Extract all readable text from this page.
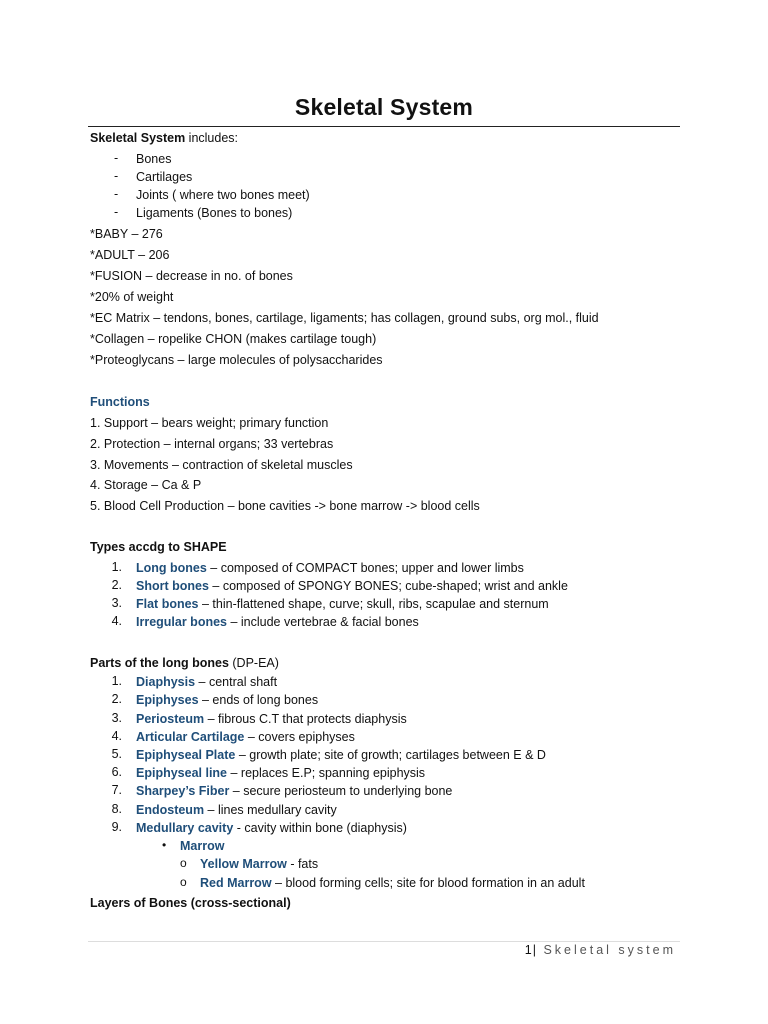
Skeletal System
Skeletal System includes:
- Bones
- Cartilages
- Joints ( where two bones meet)
- Ligaments (Bones to bones)
*BABY – 276
*ADULT – 206
*FUSION – decrease in no. of bones
*20% of weight
*EC Matrix – tendons, bones, cartilage, ligaments; has collagen, ground subs, org mol., fluid
*Collagen – ropelike CHON (makes cartilage tough)
*Proteoglycans – large molecules of polysaccharides
Functions
1. Support – bears weight; primary function
2. Protection – internal organs; 33 vertebras
3. Movements – contraction of skeletal muscles
4. Storage – Ca & P
5. Blood Cell Production – bone cavities -> bone marrow -> blood cells
Types accdg to SHAPE
1. Long bones – composed of COMPACT bones; upper and lower limbs
2. Short bones – composed of SPONGY BONES; cube-shaped; wrist and ankle
3. Flat bones – thin-flattened shape, curve; skull, ribs, scapulae and sternum
4. Irregular bones – include vertebrae & facial bones
Parts of the long bones (DP-EA)
1. Diaphysis – central shaft
2. Epiphyses – ends of long bones
3. Periosteum – fibrous C.T that protects diaphysis
4. Articular Cartilage – covers epiphyses
5. Epiphyseal Plate – growth plate; site of growth; cartilages between E & D
6. Epiphyseal line – replaces E.P; spanning epiphysis
7. Sharpey’s Fiber – secure periosteum to underlying bone
8. Endosteum – lines medullary cavity
9. Medullary cavity - cavity within bone (diaphysis)
• Marrow
o Yellow Marrow - fats
o Red Marrow – blood forming cells; site for blood formation in an adult
Layers of Bones (cross-sectional)
1| Skeletal system
